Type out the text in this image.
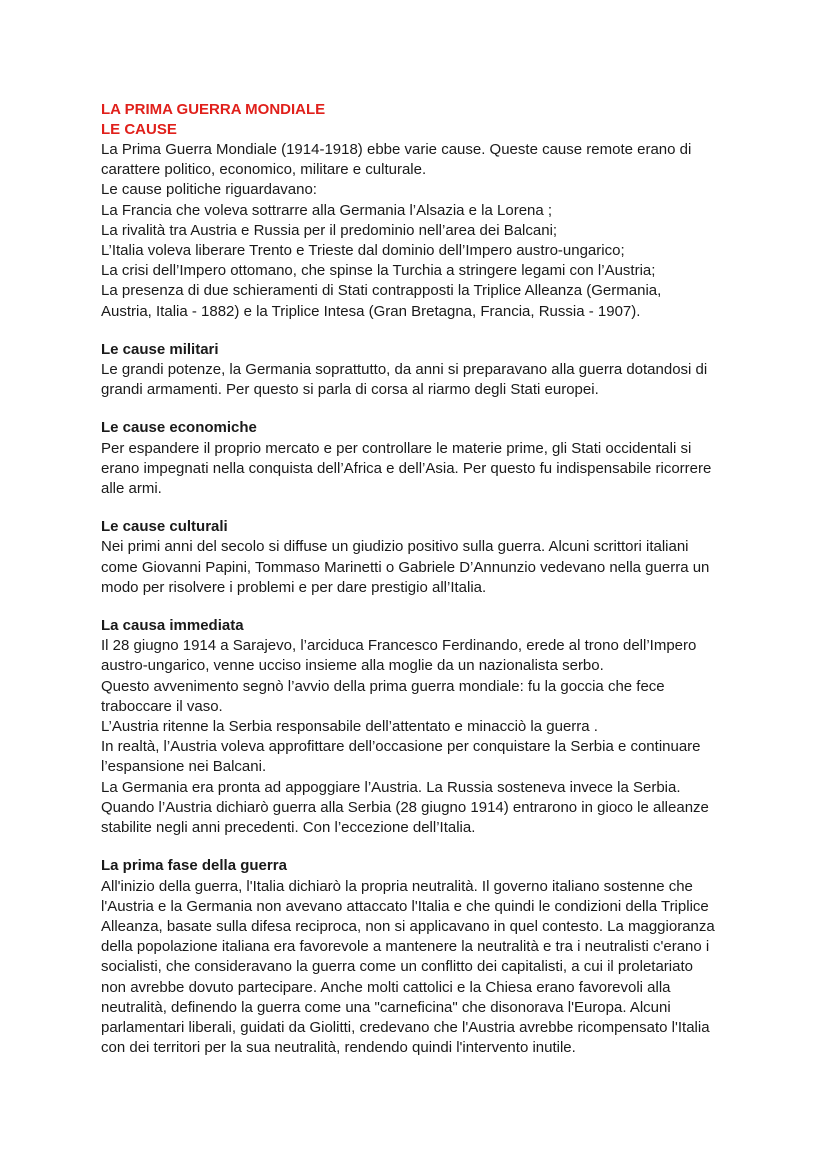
LA PRIMA GUERRA MONDIALE

LE CAUSE

La Prima Guerra Mondiale (1914-1918) ebbe varie cause. Queste cause remote erano di

carattere politico, economico, militare e culturale.

Le cause politiche riguardavano:

La Francia che voleva sottrarre alla Germania l’Alsazia e la Lorena ;

La rivalità tra Austria e Russia per il predominio nell’area dei Balcani;

L’Italia voleva liberare Trento e Trieste dal dominio dell’Impero austro-ungarico;

La crisi dell’Impero ottomano, che spinse la Turchia a stringere legami con l’Austria;

La presenza di due schieramenti di Stati contrapposti la Triplice Alleanza (Germania,

Austria, Italia - 1882) e la Triplice Intesa (Gran Bretagna, Francia, Russia - 1907).

Le cause militari

Le grandi potenze, la Germania soprattutto, da anni si preparavano alla guerra dotandosi di

grandi armamenti. Per questo si parla di corsa al riarmo degli Stati europei.

Le cause economiche

Per espandere il proprio mercato e per controllare le materie prime, gli Stati occidentali si

erano impegnati nella conquista dell’Africa e dell’Asia. Per questo fu indispensabile ricorrere

alle armi.

Le cause culturali

Nei primi anni del secolo si diffuse un giudizio positivo sulla guerra. Alcuni scrittori italiani

come Giovanni Papini, Tommaso Marinetti o Gabriele D’Annunzio vedevano nella guerra un

modo per risolvere i problemi e per dare prestigio all’Italia.

La causa immediata

Il 28 giugno 1914 a Sarajevo, l’arciduca Francesco Ferdinando, erede al trono dell’Impero

austro-ungarico, venne ucciso insieme alla moglie da un nazionalista serbo.

Questo avvenimento segnò l’avvio della prima guerra mondiale: fu la goccia che fece

traboccare il vaso.

L’Austria ritenne la Serbia responsabile dell’attentato e minacciò la guerra .

In realtà, l’Austria voleva approfittare dell’occasione per conquistare la Serbia e continuare

l’espansione nei Balcani.

La Germania era pronta ad appoggiare l’Austria. La Russia sosteneva invece la Serbia.

Quando l’Austria dichiarò guerra alla Serbia (28 giugno 1914) entrarono in gioco le alleanze

stabilite negli anni precedenti. Con l’eccezione dell’Italia.

La prima fase della guerra

All'inizio della guerra, l'Italia dichiarò la propria neutralità. Il governo italiano sostenne che

l'Austria e la Germania non avevano attaccato l'Italia e che quindi le condizioni della Triplice

Alleanza, basate sulla difesa reciproca, non si applicavano in quel contesto. La maggioranza

della popolazione italiana era favorevole a mantenere la neutralità e tra i neutralisti c'erano i

socialisti, che consideravano la guerra come un conflitto dei capitalisti, a cui il proletariato

non avrebbe dovuto partecipare. Anche molti cattolici e la Chiesa erano favorevoli alla

neutralità, definendo la guerra come una "carneficina" che disonorava l'Europa. Alcuni

parlamentari liberali, guidati da Giolitti, credevano che l'Austria avrebbe ricompensato l'Italia

con dei territori per la sua neutralità, rendendo quindi l'intervento inutile.
